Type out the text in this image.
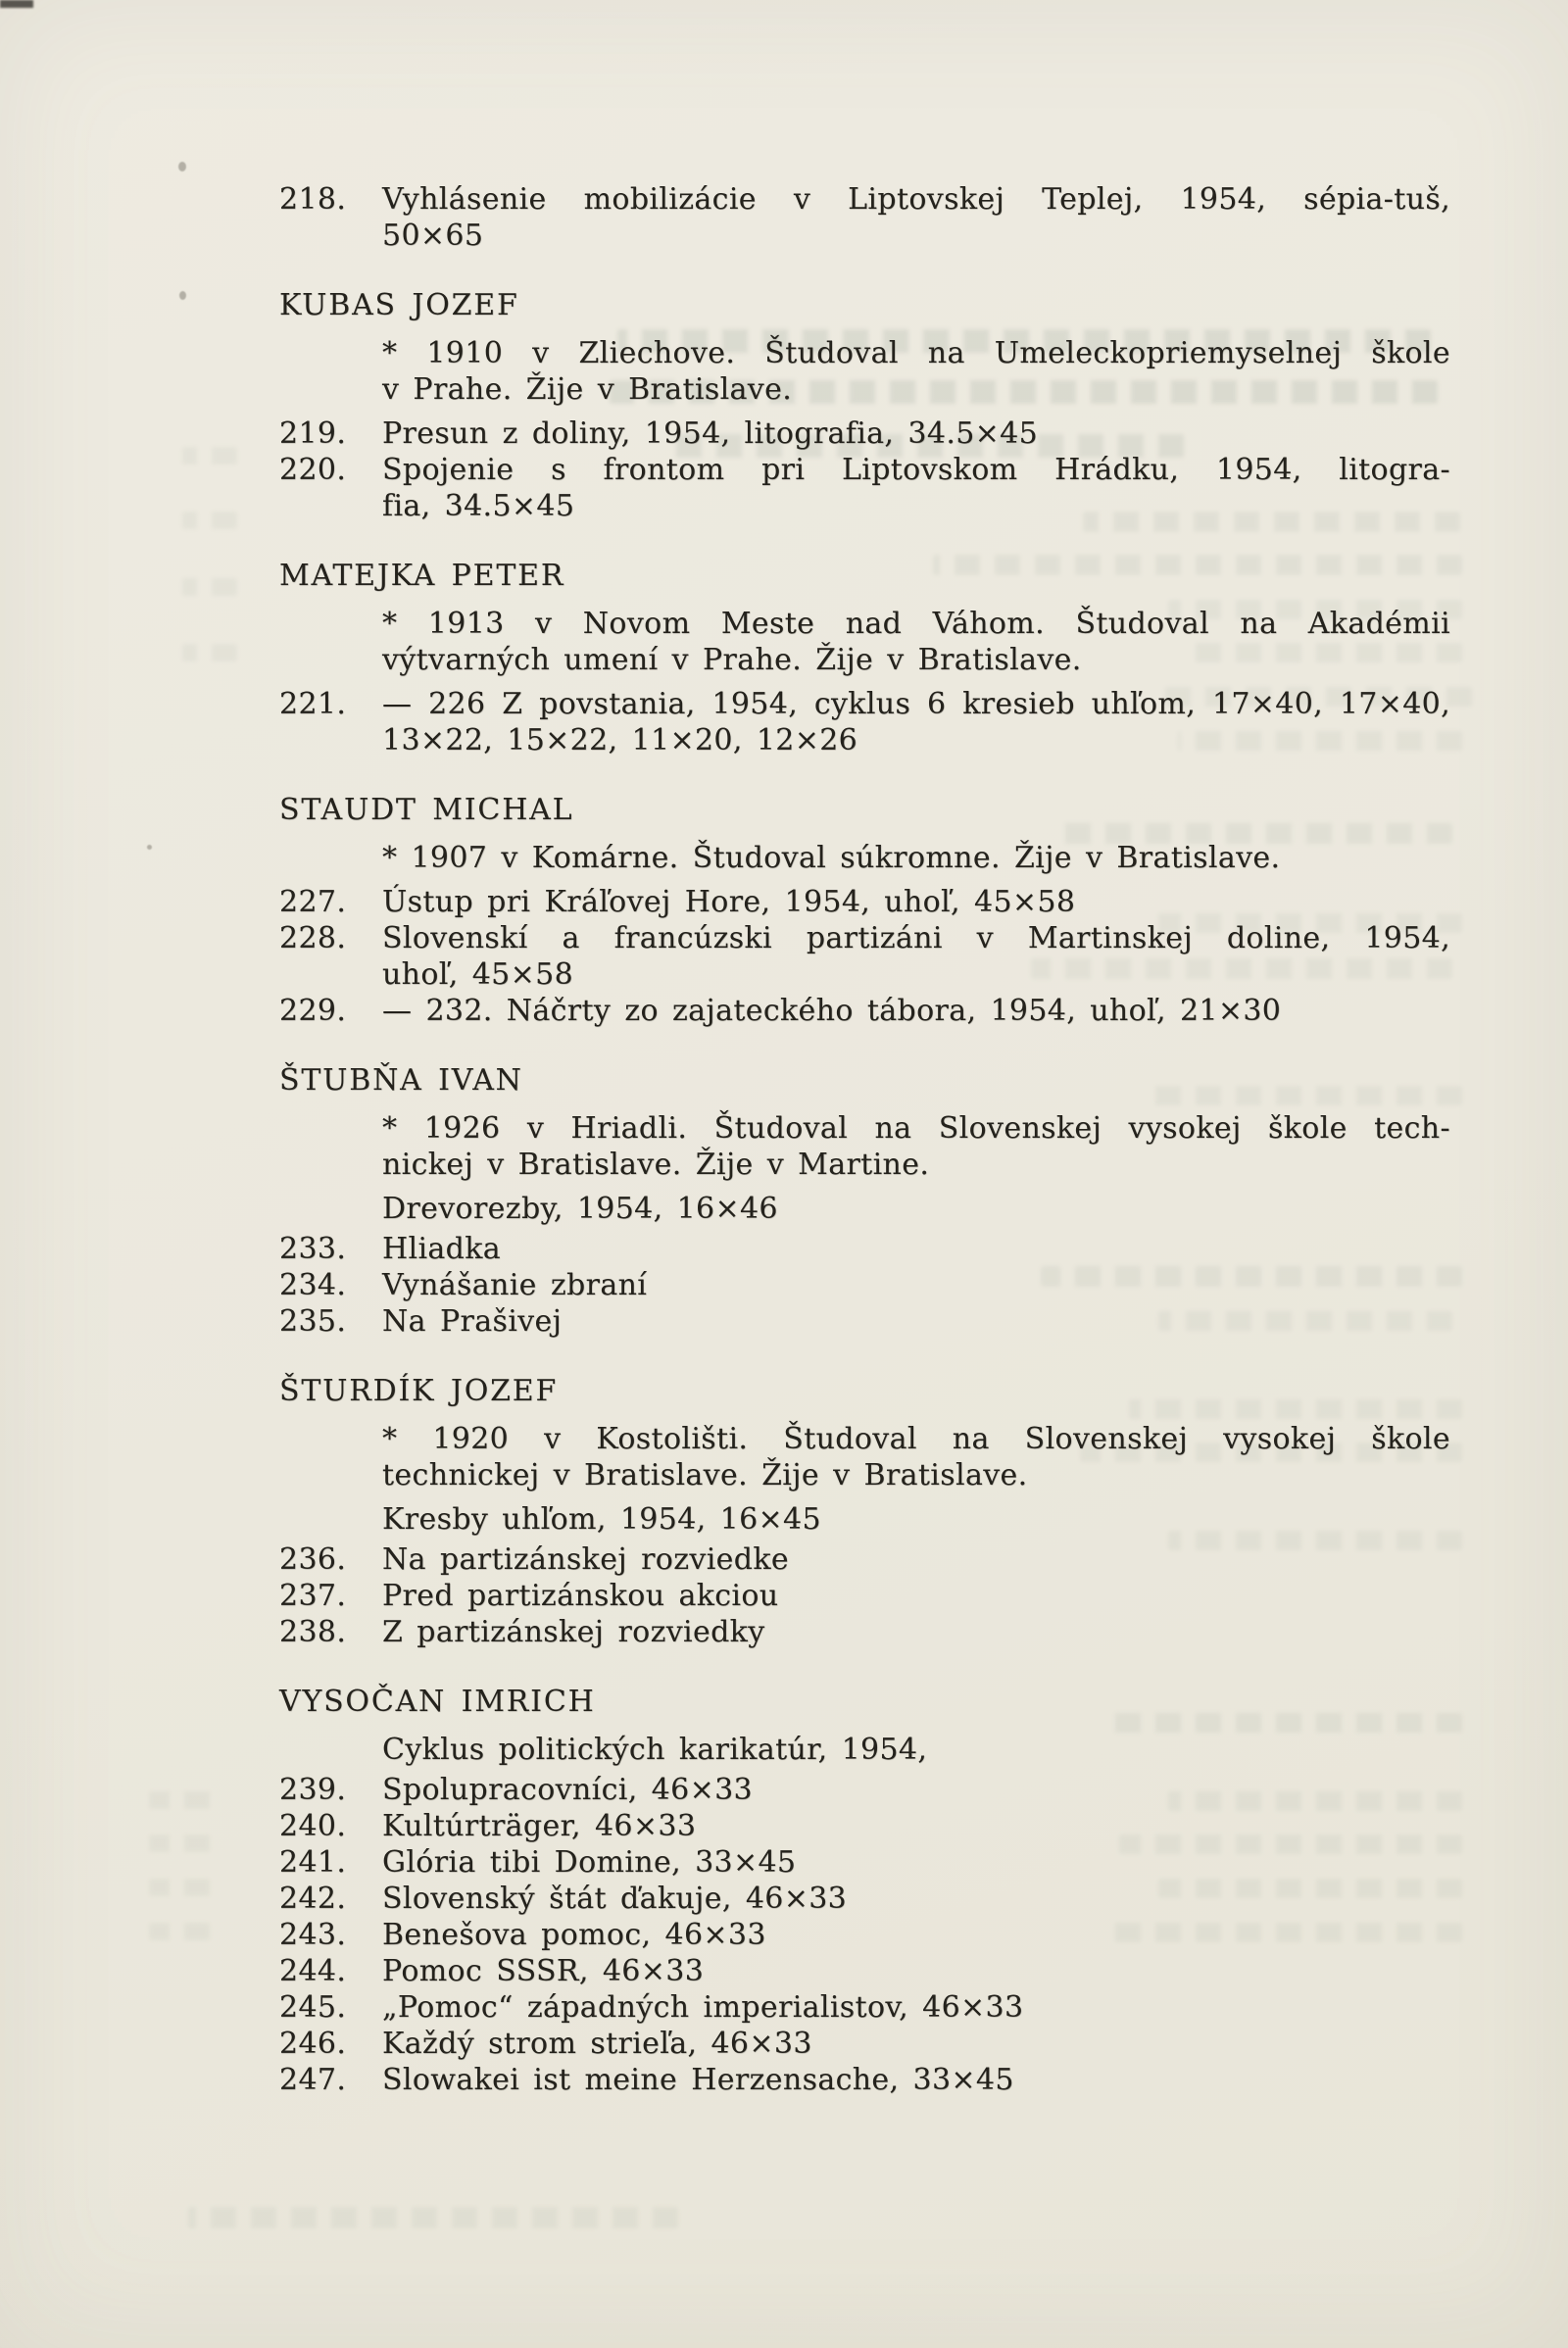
218.	Vyhlásenie mobilizácie v Liptovskej Teplej, 1954, sépia-tuš,
50×65
KUBAS JOZEF
* 1910 v Zliechove. Študoval na Umeleckopriemyselnej škole
v Prahe. Žije v Bratislave.
219.	Presun z doliny, 1954, litografia, 34.5×45
220.	Spojenie s frontom pri Liptovskom Hrádku, 1954, litogra-
fia, 34.5×45
MATEJKA PETER
* 1913 v Novom Meste nad Váhom. Študoval na Akadémii
výtvarných umení v Prahe. Žije v Bratislave.
221.	— 226 Z povstania, 1954, cyklus 6 kresieb uhľom, 17×40, 17×40,
13×22, 15×22, 11×20, 12×26
STAUDT MICHAL
* 1907 v Komárne. Študoval súkromne. Žije v Bratislave.
227.	Ústup pri Kráľovej Hore, 1954, uhoľ, 45×58
228.	Slovenskí a francúzski partizáni v Martinskej doline, 1954,
uhoľ, 45×58
229.	— 232. Náčrty zo zajateckého tábora, 1954, uhoľ, 21×30
ŠTUBŇA IVAN
* 1926 v Hriadli. Študoval na Slovenskej vysokej škole tech-
nickej v Bratislave. Žije v Martine.
Drevorezby, 1954, 16×46
233.	Hliadka
234.	Vynášanie zbraní
235.	Na Prašivej
ŠTURDÍK JOZEF
* 1920 v Kostolišti. Študoval na Slovenskej vysokej škole
technickej v Bratislave. Žije v Bratislave.
Kresby uhľom, 1954, 16×45
236.	Na partizánskej rozviedke
237.	Pred partizánskou akciou
238.	Z partizánskej rozviedky
VYSOČAN IMRICH
Cyklus politických karikatúr, 1954,
239.	Spolupracovníci, 46×33
240.	Kultúrträger, 46×33
241.	Glória tibi Domine, 33×45
242.	Slovenský štát ďakuje, 46×33
243.	Benešova pomoc, 46×33
244.	Pomoc SSSR, 46×33
245.	„Pomoc“ západných imperialistov, 46×33
246.	Každý strom strieľa, 46×33
247.	Slowakei ist meine Herzensache, 33×45
